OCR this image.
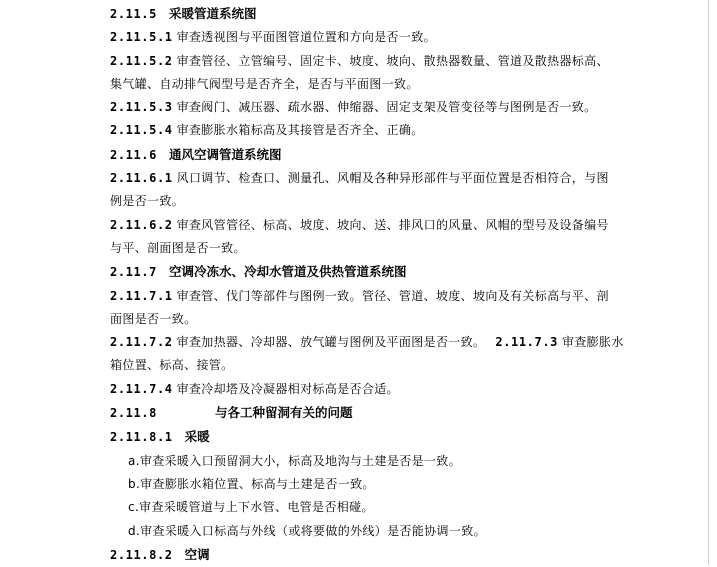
2.11.5 采暖管道系统图
2.11.5.1 审查透视图与平面图管道位置和方向是否一致。
2.11.5.2 审查管径、立管编号、固定卡、坡度、坡向、散热器数量、管道及散热器标高、
集气罐、自动排气阀型号是否齐全，是否与平面图一致。
2.11.5.3 审查阀门、减压器、疏水器、伸缩器、固定支架及管变径等与图例是否一致。
2.11.5.4 审查膨胀水箱标高及其接管是否齐全、正确。
2.11.6 通风空调管道系统图
2.11.6.1 风口调节、检查口、测量孔、风帽及各种异形部件与平面位置是否相符合，与图
例是否一致。
2.11.6.2 审查风管管径、标高、坡度、坡向、送、排风口的风量、风帽的型号及设备编号
与平、剖面图是否一致。
2.11.7 空调冷冻水、冷却水管道及供热管道系统图
2.11.7.1 审查管、伐门等部件与图例一致。管径、管道、坡度、坡向及有关标高与平、剖
面图是否一致。
2.11.7.2 审查加热器、冷却器、放气罐与图例及平面图是否一致。 2.11.7.3 审查膨胀水
箱位置、标高、接管。
2.11.7.4 审查冷却塔及冷凝器相对标高是否合适。
2.11.8	与各工种留洞有关的问题
2.11.8.1 采暖
a.审查采暖入口预留洞大小，标高及地沟与土建是否是一致。
b.审查膨胀水箱位置、标高与土建是否一致。
c.审查采暖管道与上下水管、电管是否相碰。
d.审查采暖入口标高与外线（或将要做的外线）是否能协调一致。
2.11.8.2 空调
